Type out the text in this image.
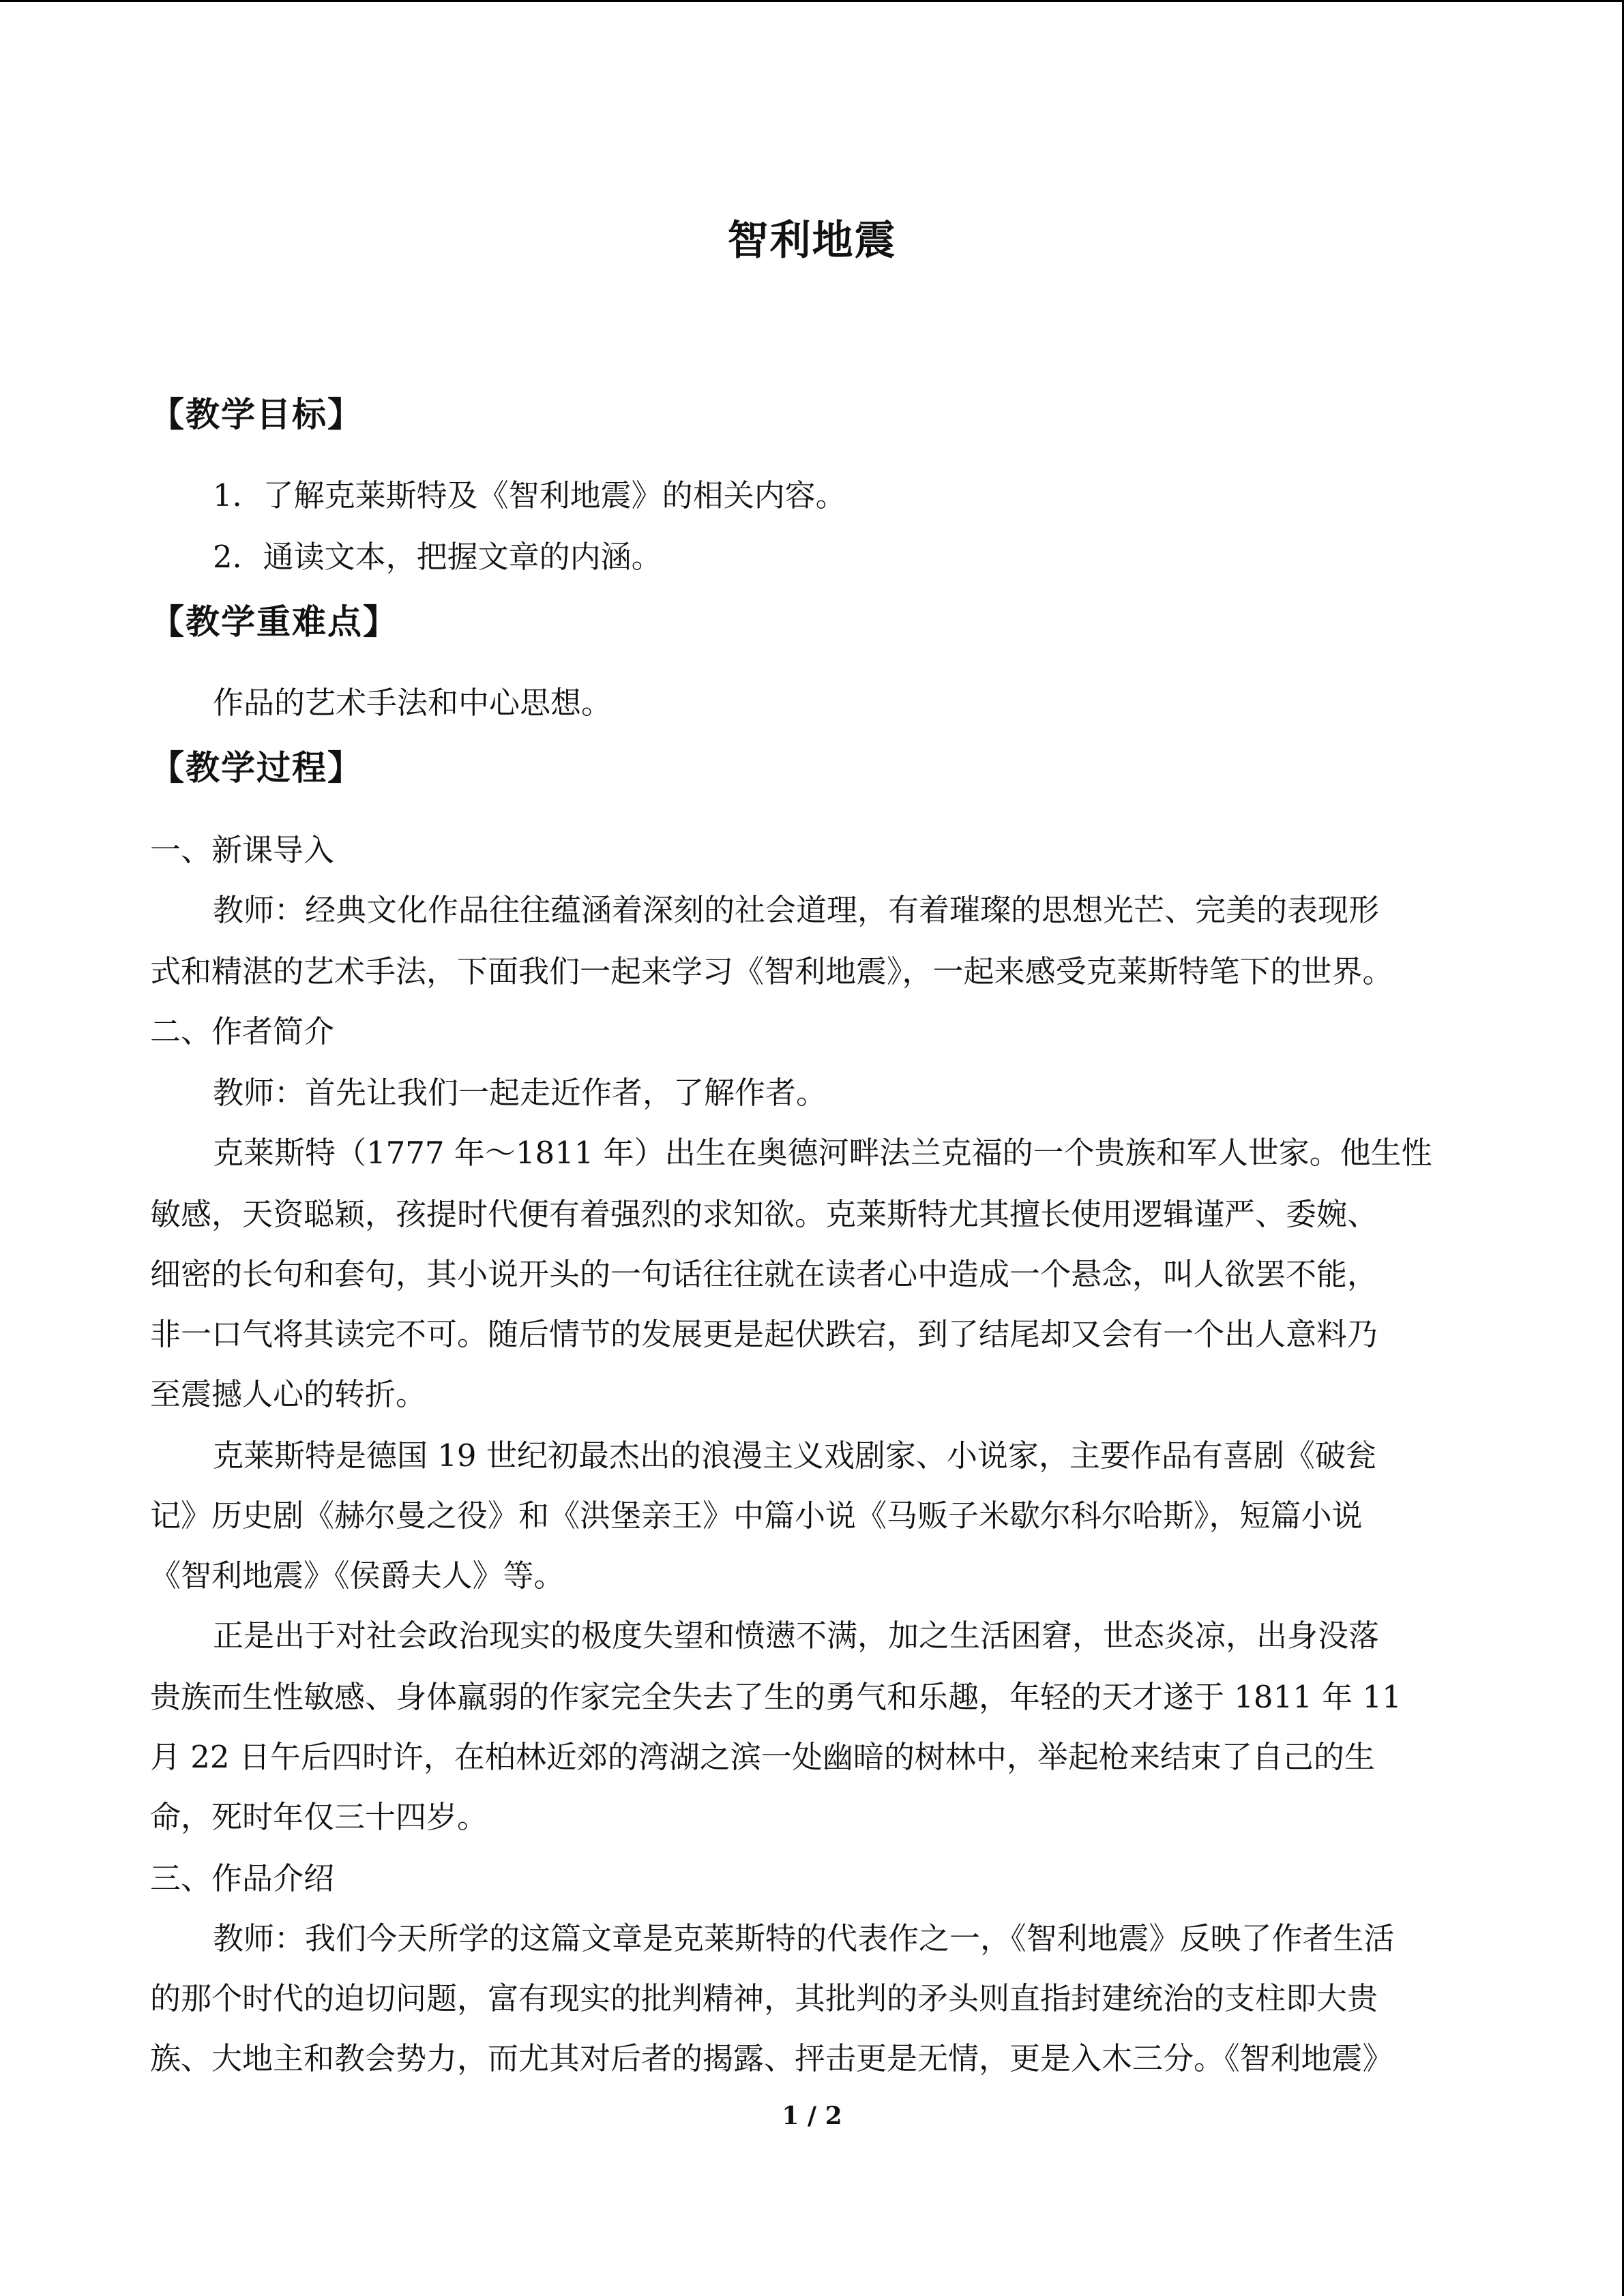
智利地震
【教学目标】
1．了解克莱斯特及《智利地震》的相关内容。
2．通读文本，把握文章的内涵。
【教学重难点】
作品的艺术手法和中心思想。
【教学过程】
一、新课导入
教师：经典文化作品往往蕴涵着深刻的社会道理，有着璀璨的思想光芒、完美的表现形
式和精湛的艺术手法，下面我们一起来学习《智利地震》，一起来感受克莱斯特笔下的世界。
二、作者简介
教师：首先让我们一起走近作者，了解作者。
克莱斯特（1777 年～1811 年）出生在奥德河畔法兰克福的一个贵族和军人世家。他生性
敏感，天资聪颖，孩提时代便有着强烈的求知欲。克莱斯特尤其擅长使用逻辑谨严、委婉、
细密的长句和套句，其小说开头的一句话往往就在读者心中造成一个悬念，叫人欲罢不能，
非一口气将其读完不可。随后情节的发展更是起伏跌宕，到了结尾却又会有一个出人意料乃
至震撼人心的转折。
克莱斯特是德国 19 世纪初最杰出的浪漫主义戏剧家、小说家，主要作品有喜剧《破瓮
记》历史剧《赫尔曼之役》和《洪堡亲王》中篇小说《马贩子米歇尔科尔哈斯》，短篇小说
《智利地震》《侯爵夫人》等。
正是出于对社会政治现实的极度失望和愤懑不满，加之生活困窘，世态炎凉，出身没落
贵族而生性敏感、身体羸弱的作家完全失去了生的勇气和乐趣，年轻的天才遂于 1811 年 11
月 22 日午后四时许，在柏林近郊的湾湖之滨一处幽暗的树林中，举起枪来结束了自己的生
命，死时年仅三十四岁。
三、作品介绍
教师：我们今天所学的这篇文章是克莱斯特的代表作之一，《智利地震》反映了作者生活
的那个时代的迫切问题，富有现实的批判精神，其批判的矛头则直指封建统治的支柱即大贵
族、大地主和教会势力，而尤其对后者的揭露、抨击更是无情，更是入木三分。《智利地震》
1 / 2
